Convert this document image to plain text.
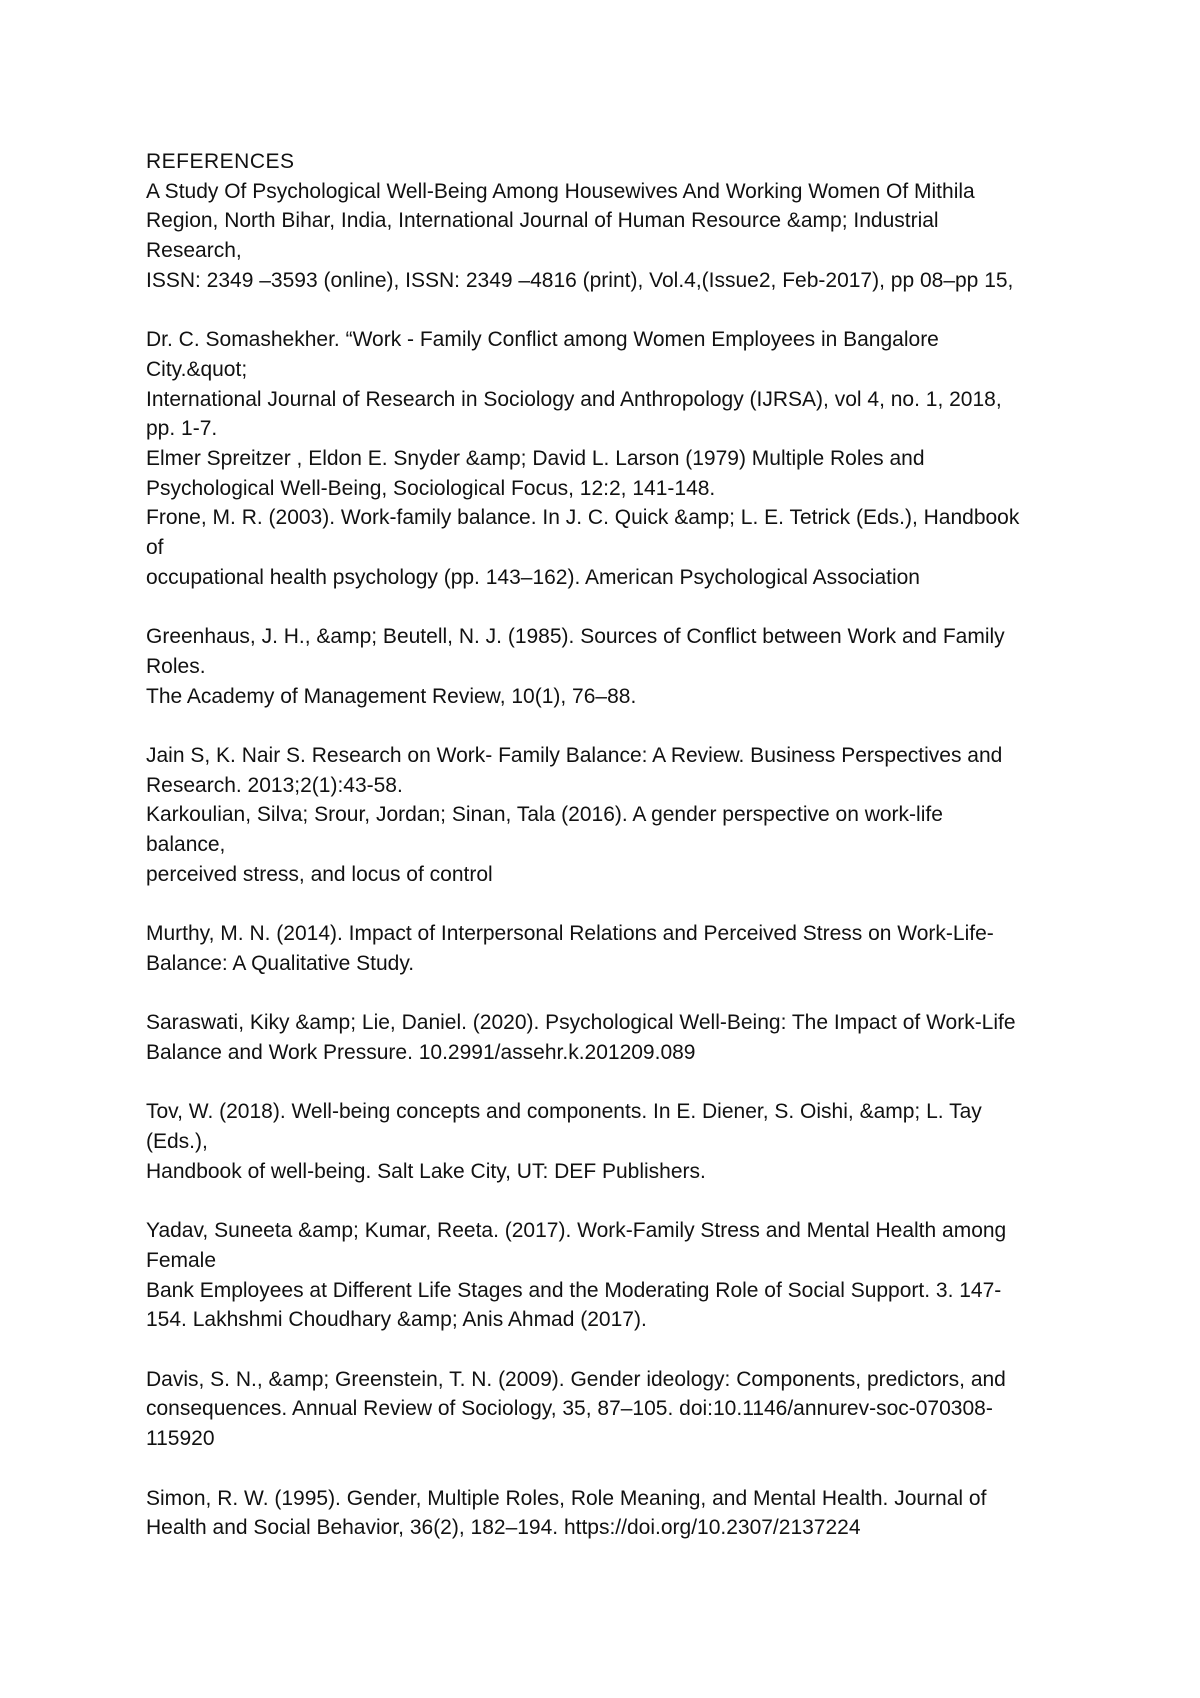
REFERENCES
A Study Of Psychological Well-Being Among Housewives And Working Women Of Mithila
Region, North Bihar, India, International Journal of Human Resource &amp; Industrial
Research,
ISSN: 2349 –3593 (online), ISSN: 2349 –4816 (print), Vol.4,(Issue2, Feb-2017), pp 08–pp 15,
Dr. C. Somashekher. “Work - Family Conflict among Women Employees in Bangalore
City.&quot;
International Journal of Research in Sociology and Anthropology (IJRSA), vol 4, no. 1, 2018,
pp. 1-7.
Elmer Spreitzer , Eldon E. Snyder &amp; David L. Larson (1979) Multiple Roles and
Psychological Well-Being, Sociological Focus, 12:2, 141-148.
Frone, M. R. (2003). Work-family balance. In J. C. Quick &amp; L. E. Tetrick (Eds.), Handbook
of
occupational health psychology (pp. 143–162). American Psychological Association
Greenhaus, J. H., &amp; Beutell, N. J. (1985). Sources of Conflict between Work and Family
Roles.
The Academy of Management Review, 10(1), 76–88.
Jain S, K. Nair S. Research on Work- Family Balance: A Review. Business Perspectives and
Research. 2013;2(1):43-58.
Karkoulian, Silva; Srour, Jordan; Sinan, Tala (2016). A gender perspective on work-life
balance,
perceived stress, and locus of control
Murthy, M. N. (2014). Impact of Interpersonal Relations and Perceived Stress on Work-Life-
Balance: A Qualitative Study.
Saraswati, Kiky &amp; Lie, Daniel. (2020). Psychological Well-Being: The Impact of Work-Life
Balance and Work Pressure. 10.2991/assehr.k.201209.089
Tov, W. (2018). Well-being concepts and components. In E. Diener, S. Oishi, &amp; L. Tay
(Eds.),
Handbook of well-being. Salt Lake City, UT: DEF Publishers.
Yadav, Suneeta &amp; Kumar, Reeta. (2017). Work-Family Stress and Mental Health among
Female
Bank Employees at Different Life Stages and the Moderating Role of Social Support. 3. 147-
154. Lakhshmi Choudhary &amp; Anis Ahmad (2017).
Davis, S. N., &amp; Greenstein, T. N. (2009). Gender ideology: Components, predictors, and
consequences. Annual Review of Sociology, 35, 87–105. doi:10.1146/annurev-soc-070308-
115920
Simon, R. W. (1995). Gender, Multiple Roles, Role Meaning, and Mental Health. Journal of
Health and Social Behavior, 36(2), 182–194. https://doi.org/10.2307/2137224
